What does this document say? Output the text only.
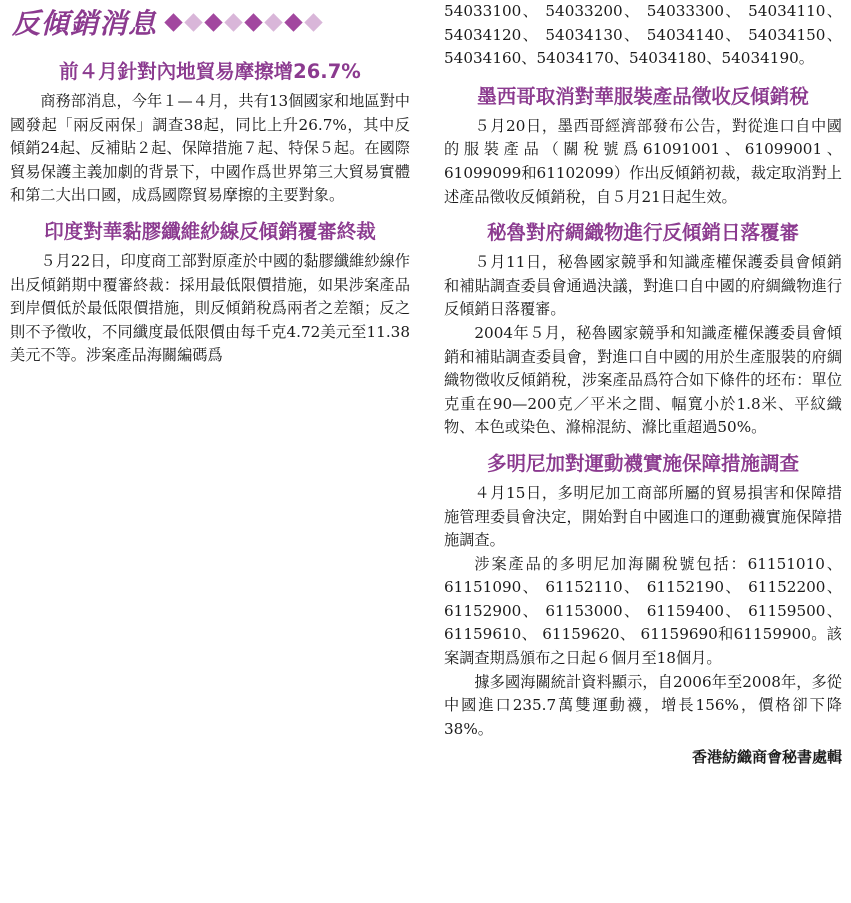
反傾銷消息
前４月針對內地貿易摩擦增26.7%

商務部消息，今年１—４月，共有13個國家和地區對中國發起「兩反兩保」調查38起，同比上升26.7%，其中反傾銷24起、反補貼２起、保障措施７起、特保５起。在國際貿易保護主義加劇的背景下，中國作爲世界第三大貿易實體和第二大出口國，成爲國際貿易摩擦的主要對象。

印度對華黏膠纖維紗線反傾銷覆審終裁

５月22日，印度商工部對原產於中國的黏膠纖維紗線作出反傾銷期中覆審終裁：採用最低限價措施，如果涉案產品到岸價低於最低限價措施，則反傾銷稅爲兩者之差額；反之則不予徵收，不同纖度最低限價由每千克4.72美元至11.38美元不等。涉案產品海關編碼爲

54033100、 54033200、 54033300、 54034110、 54034120、 54034130、 54034140、 54034150、 54034160、54034170、54034180、54034190。

墨西哥取消對華服裝產品徵收反傾銷稅

５月20日，墨西哥經濟部發布公告，對從進口自中國的服裝產品（關稅號爲61091001、61099001、61099099和61102099）作出反傾銷初裁，裁定取消對上述產品徵收反傾銷稅，自５月21日起生效。

秘魯對府綢織物進行反傾銷日落覆審

５月11日，秘魯國家競爭和知識產權保護委員會傾銷和補貼調查委員會通過決議，對進口自中國的府綢織物進行反傾銷日落覆審。

2004年５月，秘魯國家競爭和知識產權保護委員會傾銷和補貼調查委員會，對進口自中國的用於生產服裝的府綢織物徵收反傾銷稅，涉案產品爲符合如下條件的坯布：單位克重在90—200克／平米之間、幅寬小於1.8米、平紋織物、本色或染色、滌棉混紡、滌比重超過50%。

多明尼加對運動襪實施保障措施調查

４月15日，多明尼加工商部所屬的貿易損害和保障措施管理委員會決定，開始對自中國進口的運動襪實施保障措施調查。

涉案產品的多明尼加海關稅號包括：61151010、 61151090、 61152110、 61152190、 61152200、 61152900、 61153000、 61159400、 61159500、 61159610、 61159620、 61159690和61159900。該案調查期爲頒布之日起６個月至18個月。

據多國海關統計資料顯示，自2006年至2008年，多從中國進口235.7萬雙運動襪，增長156%，價格卻下降38%。

香港紡織商會秘書處輯
